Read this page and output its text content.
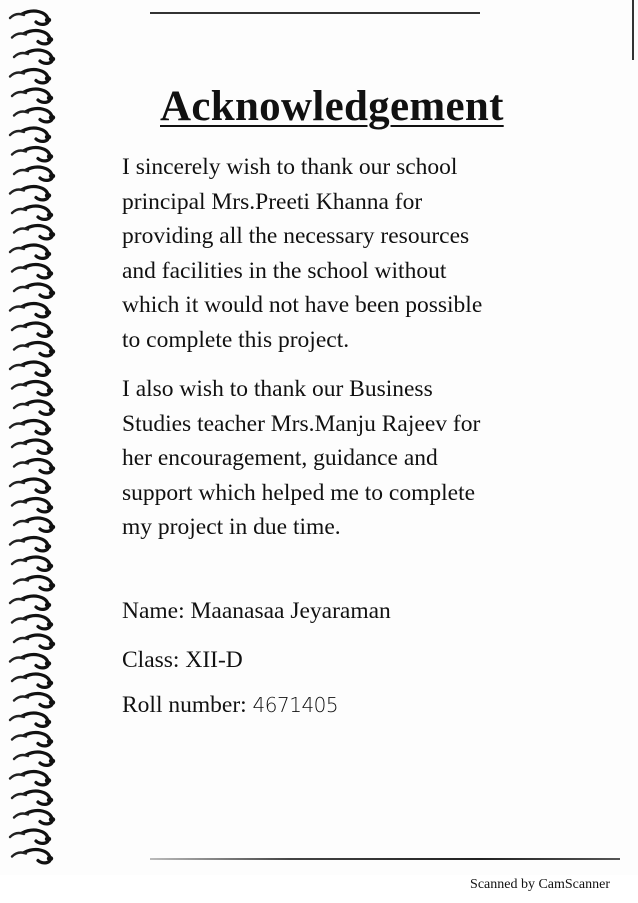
Acknowledgement
I sincerely wish to thank our school
principal Mrs.Preeti Khanna for
providing all the necessary resources
and facilities in the school without
which it would not have been possible
to complete this project.
I also wish to thank our Business
Studies teacher Mrs.Manju Rajeev for
her encouragement, guidance and
support which helped me to complete
my project in due time.
Name: Maanasaa Jeyaraman
Class: XII-D
Roll number: 4671405
Scanned by CamScanner
